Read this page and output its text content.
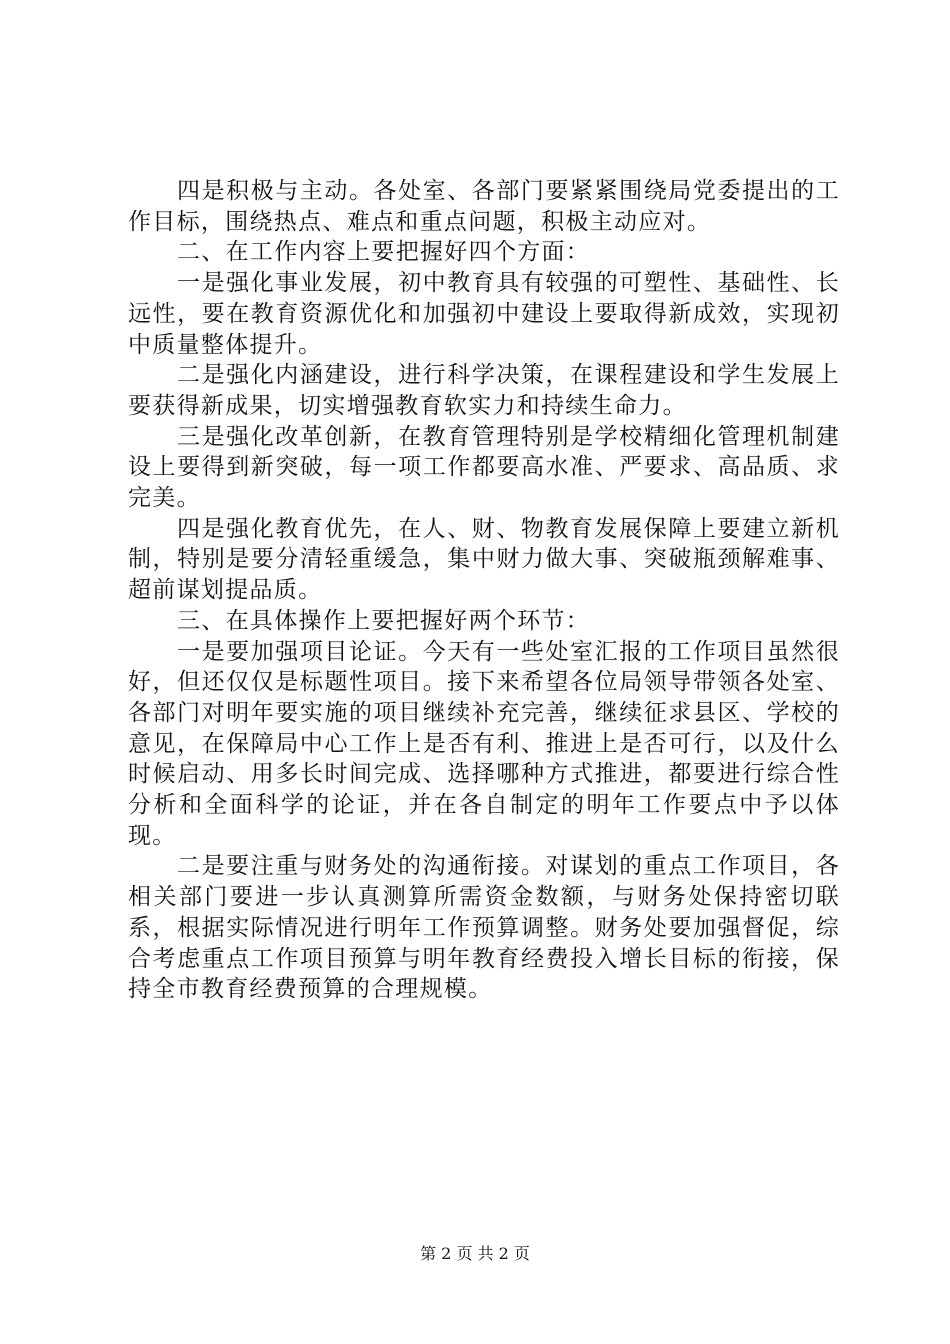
四是积极与主动。各处室、各部门要紧紧围绕局党委提出的工作目标，围绕热点、难点和重点问题，积极主动应对。

二、在工作内容上要把握好四个方面：

一是强化事业发展，初中教育具有较强的可塑性、基础性、长远性，要在教育资源优化和加强初中建设上要取得新成效，实现初中质量整体提升。

二是强化内涵建设，进行科学决策，在课程建设和学生发展上要获得新成果，切实增强教育软实力和持续生命力。

三是强化改革创新，在教育管理特别是学校精细化管理机制建设上要得到新突破，每一项工作都要高水准、严要求、高品质、求完美。

四是强化教育优先，在人、财、物教育发展保障上要建立新机制，特别是要分清轻重缓急，集中财力做大事、突破瓶颈解难事、超前谋划提品质。

三、在具体操作上要把握好两个环节：

一是要加强项目论证。今天有一些处室汇报的工作项目虽然很好，但还仅仅是标题性项目。接下来希望各位局领导带领各处室、各部门对明年要实施的项目继续补充完善，继续征求县区、学校的意见，在保障局中心工作上是否有利、推进上是否可行，以及什么时候启动、用多长时间完成、选择哪种方式推进，都要进行综合性分析和全面科学的论证，并在各自制定的明年工作要点中予以体现。

二是要注重与财务处的沟通衔接。对谋划的重点工作项目，各相关部门要进一步认真测算所需资金数额，与财务处保持密切联系，根据实际情况进行明年工作预算调整。财务处要加强督促，综合考虑重点工作项目预算与明年教育经费投入增长目标的衔接，保持全市教育经费预算的合理规模。

第 2 页 共 2 页
